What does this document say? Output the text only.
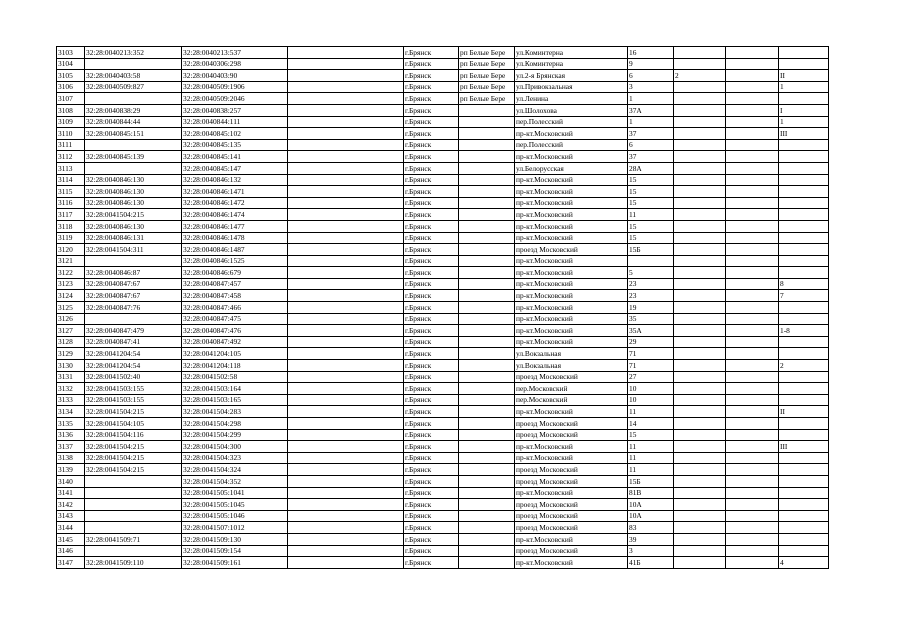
3103	32:28:0040213:352	32:28:0040213:537		г.Брянск	рп Белые Бере	ул.Коминтерна	16			
3104		32:28:0040306:298		г.Брянск	рп Белые Бере	ул.Коминтерна	9			
3105	32:28:0040403:58	32:28:0040403:90		г.Брянск	рп Белые Бере	ул.2-я Брянская	6	2		II
3106	32:28:0040509:827	32:28:0040509:1906		г.Брянск	рп Белые Бере	ул.Привокзальная	3			1
3107		32:28:0040509:2046		г.Брянск	рп Белые Бере	ул.Ленина	1			
3108	32:28:0040838:29	32:28:0040838:257		г.Брянск		ул.Шолохова	37А			I
3109	32:28:0040844:44	32:28:0040844:111		г.Брянск		пер.Полесский	1			1
3110	32:28:0040845:151	32:28:0040845:102		г.Брянск		пр-кт.Московский	37			III
3111		32:28:0040845:135		г.Брянск		пер.Полесский	6			
3112	32:28:0040845:139	32:28:0040845:141		г.Брянск		пр-кт.Московский	37			
3113		32:28:0040845:147		г.Брянск		ул.Белорусская	28А			
3114	32:28:0040846:130	32:28:0040846:132		г.Брянск		пр-кт.Московский	15			
3115	32:28:0040846:130	32:28:0040846:1471		г.Брянск		пр-кт.Московский	15			
3116	32:28:0040846:130	32:28:0040846:1472		г.Брянск		пр-кт.Московский	15			
3117	32:28:0041504:215	32:28:0040846:1474		г.Брянск		пр-кт.Московский	11			
3118	32:28:0040846:130	32:28:0040846:1477		г.Брянск		пр-кт.Московский	15			
3119	32:28:0040846:131	32:28:0040846:1478		г.Брянск		пр-кт.Московский	15			
3120	32:28:0041504:311	32:28:0040846:1487		г.Брянск		проезд Московский	15Б			
3121		32:28:0040846:1525		г.Брянск		пр-кт.Московский				
3122	32:28:0040846:87	32:28:0040846:679		г.Брянск		пр-кт.Московский	5			
3123	32:28:0040847:67	32:28:0040847:457		г.Брянск		пр-кт.Московский	23			8
3124	32:28:0040847:67	32:28:0040847:458		г.Брянск		пр-кт.Московский	23			7
3125	32:28:0040847:76	32:28:0040847:466		г.Брянск		пр-кт.Московский	19			
3126		32:28:0040847:475		г.Брянск		пр-кт.Московский	35			
3127	32:28:0040847:479	32:28:0040847:476		г.Брянск		пр-кт.Московский	35А			1-8
3128	32:28:0040847:41	32:28:0040847:492		г.Брянск		пр-кт.Московский	29			
3129	32:28:0041204:54	32:28:0041204:105		г.Брянск		ул.Вокзальная	71			
3130	32:28:0041204:54	32:28:0041204:118		г.Брянск		ул.Вокзальная	71			2
3131	32:28:0041502:40	32:28:0041502:58		г.Брянск		проезд Московский	27			
3132	32:28:0041503:155	32:28:0041503:164		г.Брянск		пер.Московский	10			
3133	32:28:0041503:155	32:28:0041503:165		г.Брянск		пер.Московский	10			
3134	32:28:0041504:215	32:28:0041504:283		г.Брянск		пр-кт.Московский	11			II
3135	32:28:0041504:105	32:28:0041504:298		г.Брянск		проезд Московский	14			
3136	32:28:0041504:116	32:28:0041504:299		г.Брянск		проезд Московский	15			
3137	32:28:0041504:215	32:28:0041504:300		г.Брянск		пр-кт.Московский	11			III
3138	32:28:0041504:215	32:28:0041504:323		г.Брянск		пр-кт.Московский	11			
3139	32:28:0041504:215	32:28:0041504:324		г.Брянск		проезд Московский	11			
3140		32:28:0041504:352		г.Брянск		проезд Московский	15Б			
3141		32:28:0041505:1041		г.Брянск		пр-кт.Московский	81В			
3142		32:28:0041505:1045		г.Брянск		проезд Московский	10А			
3143		32:28:0041505:1046		г.Брянск		проезд Московский	10А			
3144		32:28:0041507:1012		г.Брянск		проезд Московский	83			
3145	32:28:0041509:71	32:28:0041509:130		г.Брянск		пр-кт.Московский	39			
3146		32:28:0041509:154		г.Брянск		проезд Московский	3			
3147	32:28:0041509:110	32:28:0041509:161		г.Брянск		пр-кт.Московский	41Б			4
